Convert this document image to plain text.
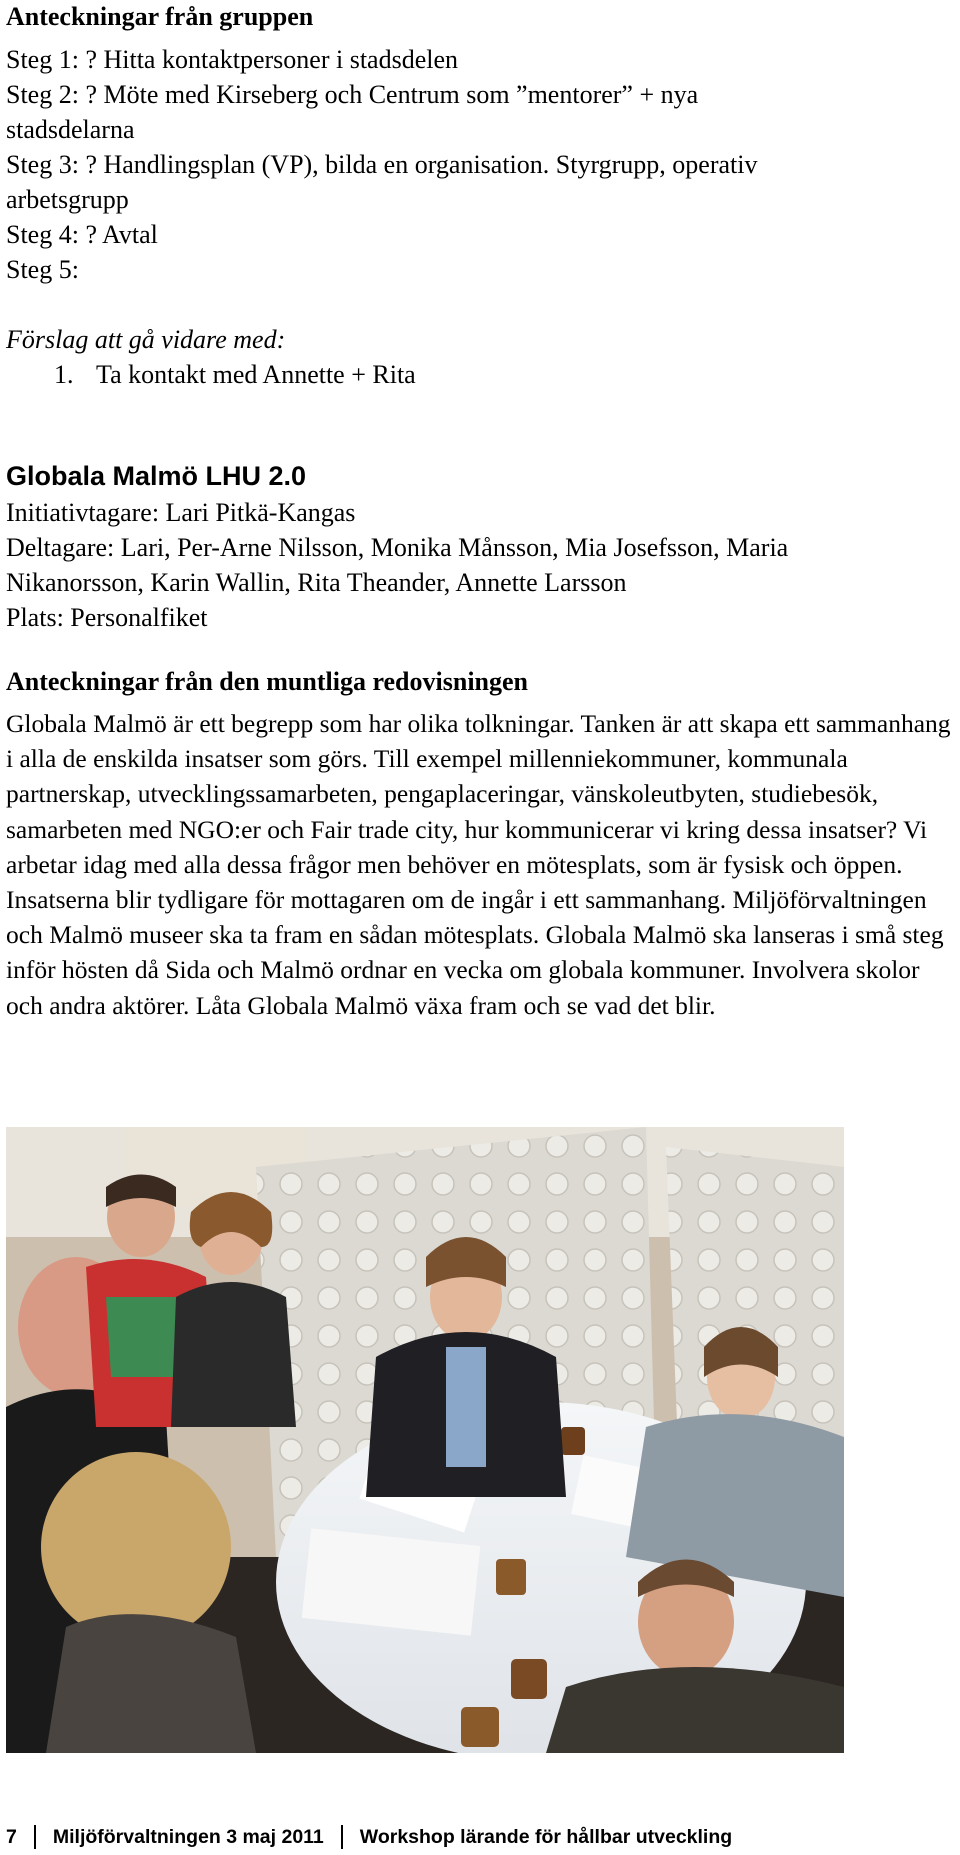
Anteckningar från gruppen
Steg 1: ? Hitta kontaktpersoner i stadsdelen
Steg 2: ? Möte med Kirseberg och Centrum som ”mentorer” + nya
stadsdelarna
Steg 3: ? Handlingsplan (VP), bilda en organisation. Styrgrupp, operativ
arbetsgrupp
Steg 4: ? Avtal
Steg 5:
Förslag att gå vidare med:
1. Ta kontakt med Annette + Rita
Globala Malmö LHU 2.0
Initiativtagare: Lari Pitkä-Kangas
Deltagare: Lari, Per-Arne Nilsson, Monika Månsson, Mia Josefsson, Maria
Nikanorsson, Karin Wallin, Rita Theander, Annette Larsson
Plats: Personalfiket
Anteckningar från den muntliga redovisningen

Globala Malmö är ett begrepp som har olika tolkningar. Tanken är att skapa ett sammanhang i alla de enskilda insatser som görs. Till exempel millenniekommuner, kommunala partnerskap, utvecklingssamarbeten, pengaplaceringar, vänskoleutbyten, studiebesök, samarbeten med NGO:er och Fair trade city, hur kommunicerar vi kring dessa insatser? Vi arbetar idag med alla dessa frågor men behöver en mötesplats, som är fysisk och öppen. Insatserna blir tydligare för mottagaren om de ingår i ett sammanhang. Miljöförvaltningen och Malmö museer ska ta fram en sådan mötesplats. Globala Malmö ska lanseras i små steg inför hösten då Sida och Malmö ordnar en vecka om globala kommuner. Involvera skolor och andra aktörer. Låta Globala Malmö växa fram och se vad det blir.

7 Miljöförvaltningen 3 maj 2011 Workshop lärande för hållbar utveckling
